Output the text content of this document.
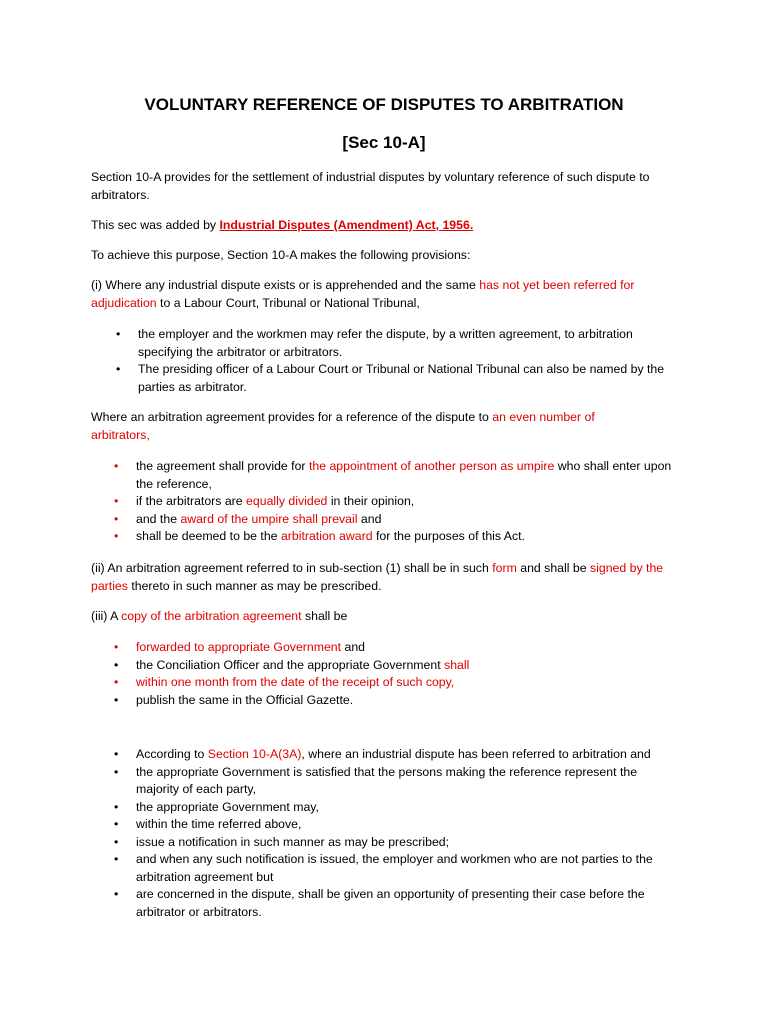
VOLUNTARY REFERENCE OF DISPUTES TO ARBITRATION
[Sec 10-A]

Section 10-A provides for the settlement of industrial disputes by voluntary reference of such dispute to arbitrators.

This sec was added by Industrial Disputes (Amendment) Act, 1956.

To achieve this purpose, Section 10-A makes the following provisions:

(i) Where any industrial dispute exists or is apprehended and the same has not yet been referred for adjudication to a Labour Court, Tribunal or National Tribunal,

• the employer and the workmen may refer the dispute, by a written agreement, to arbitration specifying the arbitrator or arbitrators.
• The presiding officer of a Labour Court or Tribunal or National Tribunal can also be named by the parties as arbitrator.

Where an arbitration agreement provides for a reference of the dispute to an even number of arbitrators,

• the agreement shall provide for the appointment of another person as umpire who shall enter upon the reference,
• if the arbitrators are equally divided in their opinion,
• and the award of the umpire shall prevail and
• shall be deemed to be the arbitration award for the purposes of this Act.

(ii) An arbitration agreement referred to in sub-section (1) shall be in such form and shall be signed by the parties thereto in such manner as may be prescribed.

(iii) A copy of the arbitration agreement shall be

• forwarded to appropriate Government and
• the Conciliation Officer and the appropriate Government shall
• within one month from the date of the receipt of such copy,
• publish the same in the Official Gazette.
• According to Section 10-A(3A), where an industrial dispute has been referred to arbitration and
• the appropriate Government is satisfied that the persons making the reference represent the majority of each party,
• the appropriate Government may,
• within the time referred above,
• issue a notification in such manner as may be prescribed;
• and when any such notification is issued, the employer and workmen who are not parties to the arbitration agreement but
• are concerned in the dispute, shall be given an opportunity of presenting their case before the arbitrator or arbitrators.
